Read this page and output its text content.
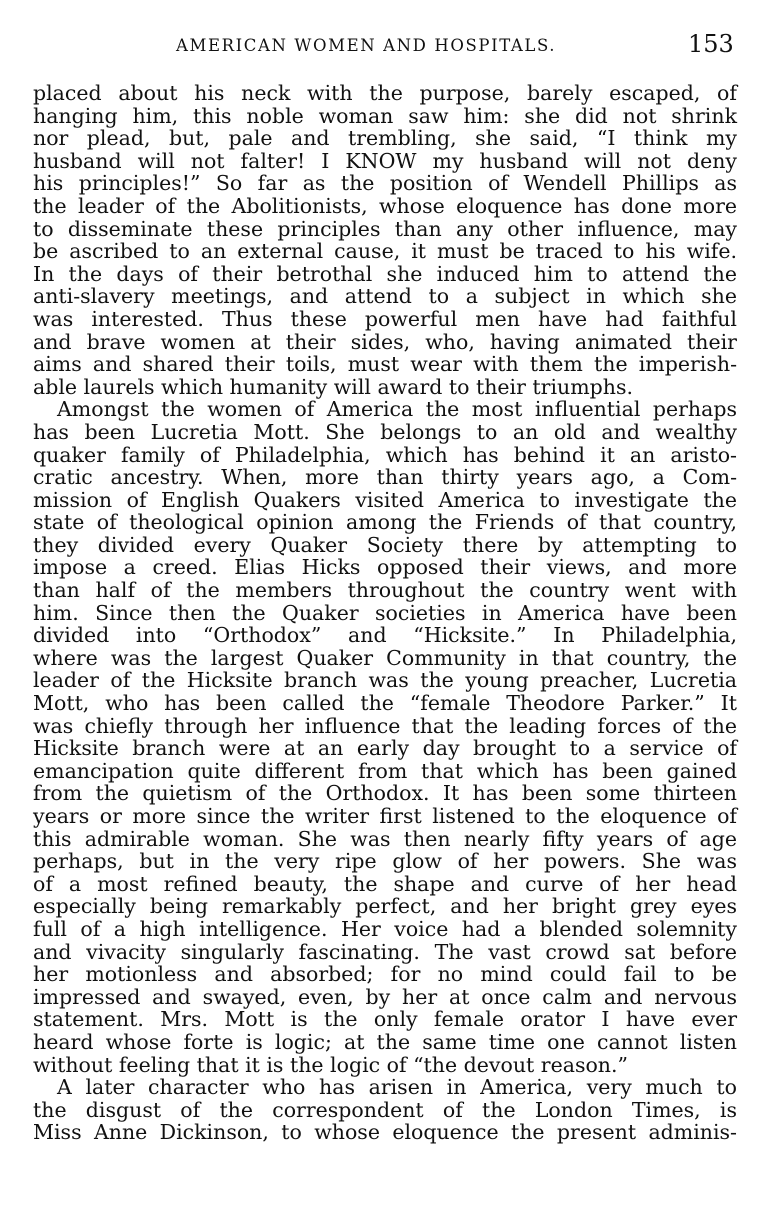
AMERICAN WOMEN AND HOSPITALS.	153
placed about his neck with the purpose, barely escaped, of
hanging him, this noble woman saw him: she did not shrink
nor plead, but, pale and trembling, she said, “I think my
husband will not falter! I KNOW my husband will not deny
his principles!” So far as the position of Wendell Phillips as
the leader of the Abolitionists, whose eloquence has done more
to disseminate these principles than any other influence, may
be ascribed to an external cause, it must be traced to his wife.
In the days of their betrothal she induced him to attend the
anti-slavery meetings, and attend to a subject in which she
was interested. Thus these powerful men have had faithful
and brave women at their sides, who, having animated their
aims and shared their toils, must wear with them the imperish-
able laurels which humanity will award to their triumphs.
Amongst the women of America the most influential perhaps
has been Lucretia Mott. She belongs to an old and wealthy
quaker family of Philadelphia, which has behind it an aristo-
cratic ancestry. When, more than thirty years ago, a Com-
mission of English Quakers visited America to investigate the
state of theological opinion among the Friends of that country,
they divided every Quaker Society there by attempting to
impose a creed. Elias Hicks opposed their views, and more
than half of the members throughout the country went with
him. Since then the Quaker societies in America have been
divided into “Orthodox” and “Hicksite.” In Philadelphia,
where was the largest Quaker Community in that country, the
leader of the Hicksite branch was the young preacher, Lucretia
Mott, who has been called the “female Theodore Parker.” It
was chiefly through her influence that the leading forces of the
Hicksite branch were at an early day brought to a service of
emancipation quite different from that which has been gained
from the quietism of the Orthodox. It has been some thirteen
years or more since the writer first listened to the eloquence of
this admirable woman. She was then nearly fifty years of age
perhaps, but in the very ripe glow of her powers. She was
of a most refined beauty, the shape and curve of her head
especially being remarkably perfect, and her bright grey eyes
full of a high intelligence. Her voice had a blended solemnity
and vivacity singularly fascinating. The vast crowd sat before
her motionless and absorbed; for no mind could fail to be
impressed and swayed, even, by her at once calm and nervous
statement. Mrs. Mott is the only female orator I have ever
heard whose forte is logic; at the same time one cannot listen
without feeling that it is the logic of “the devout reason.”
A later character who has arisen in America, very much to
the disgust of the correspondent of the London Times, is
Miss Anne Dickinson, to whose eloquence the present adminis-
